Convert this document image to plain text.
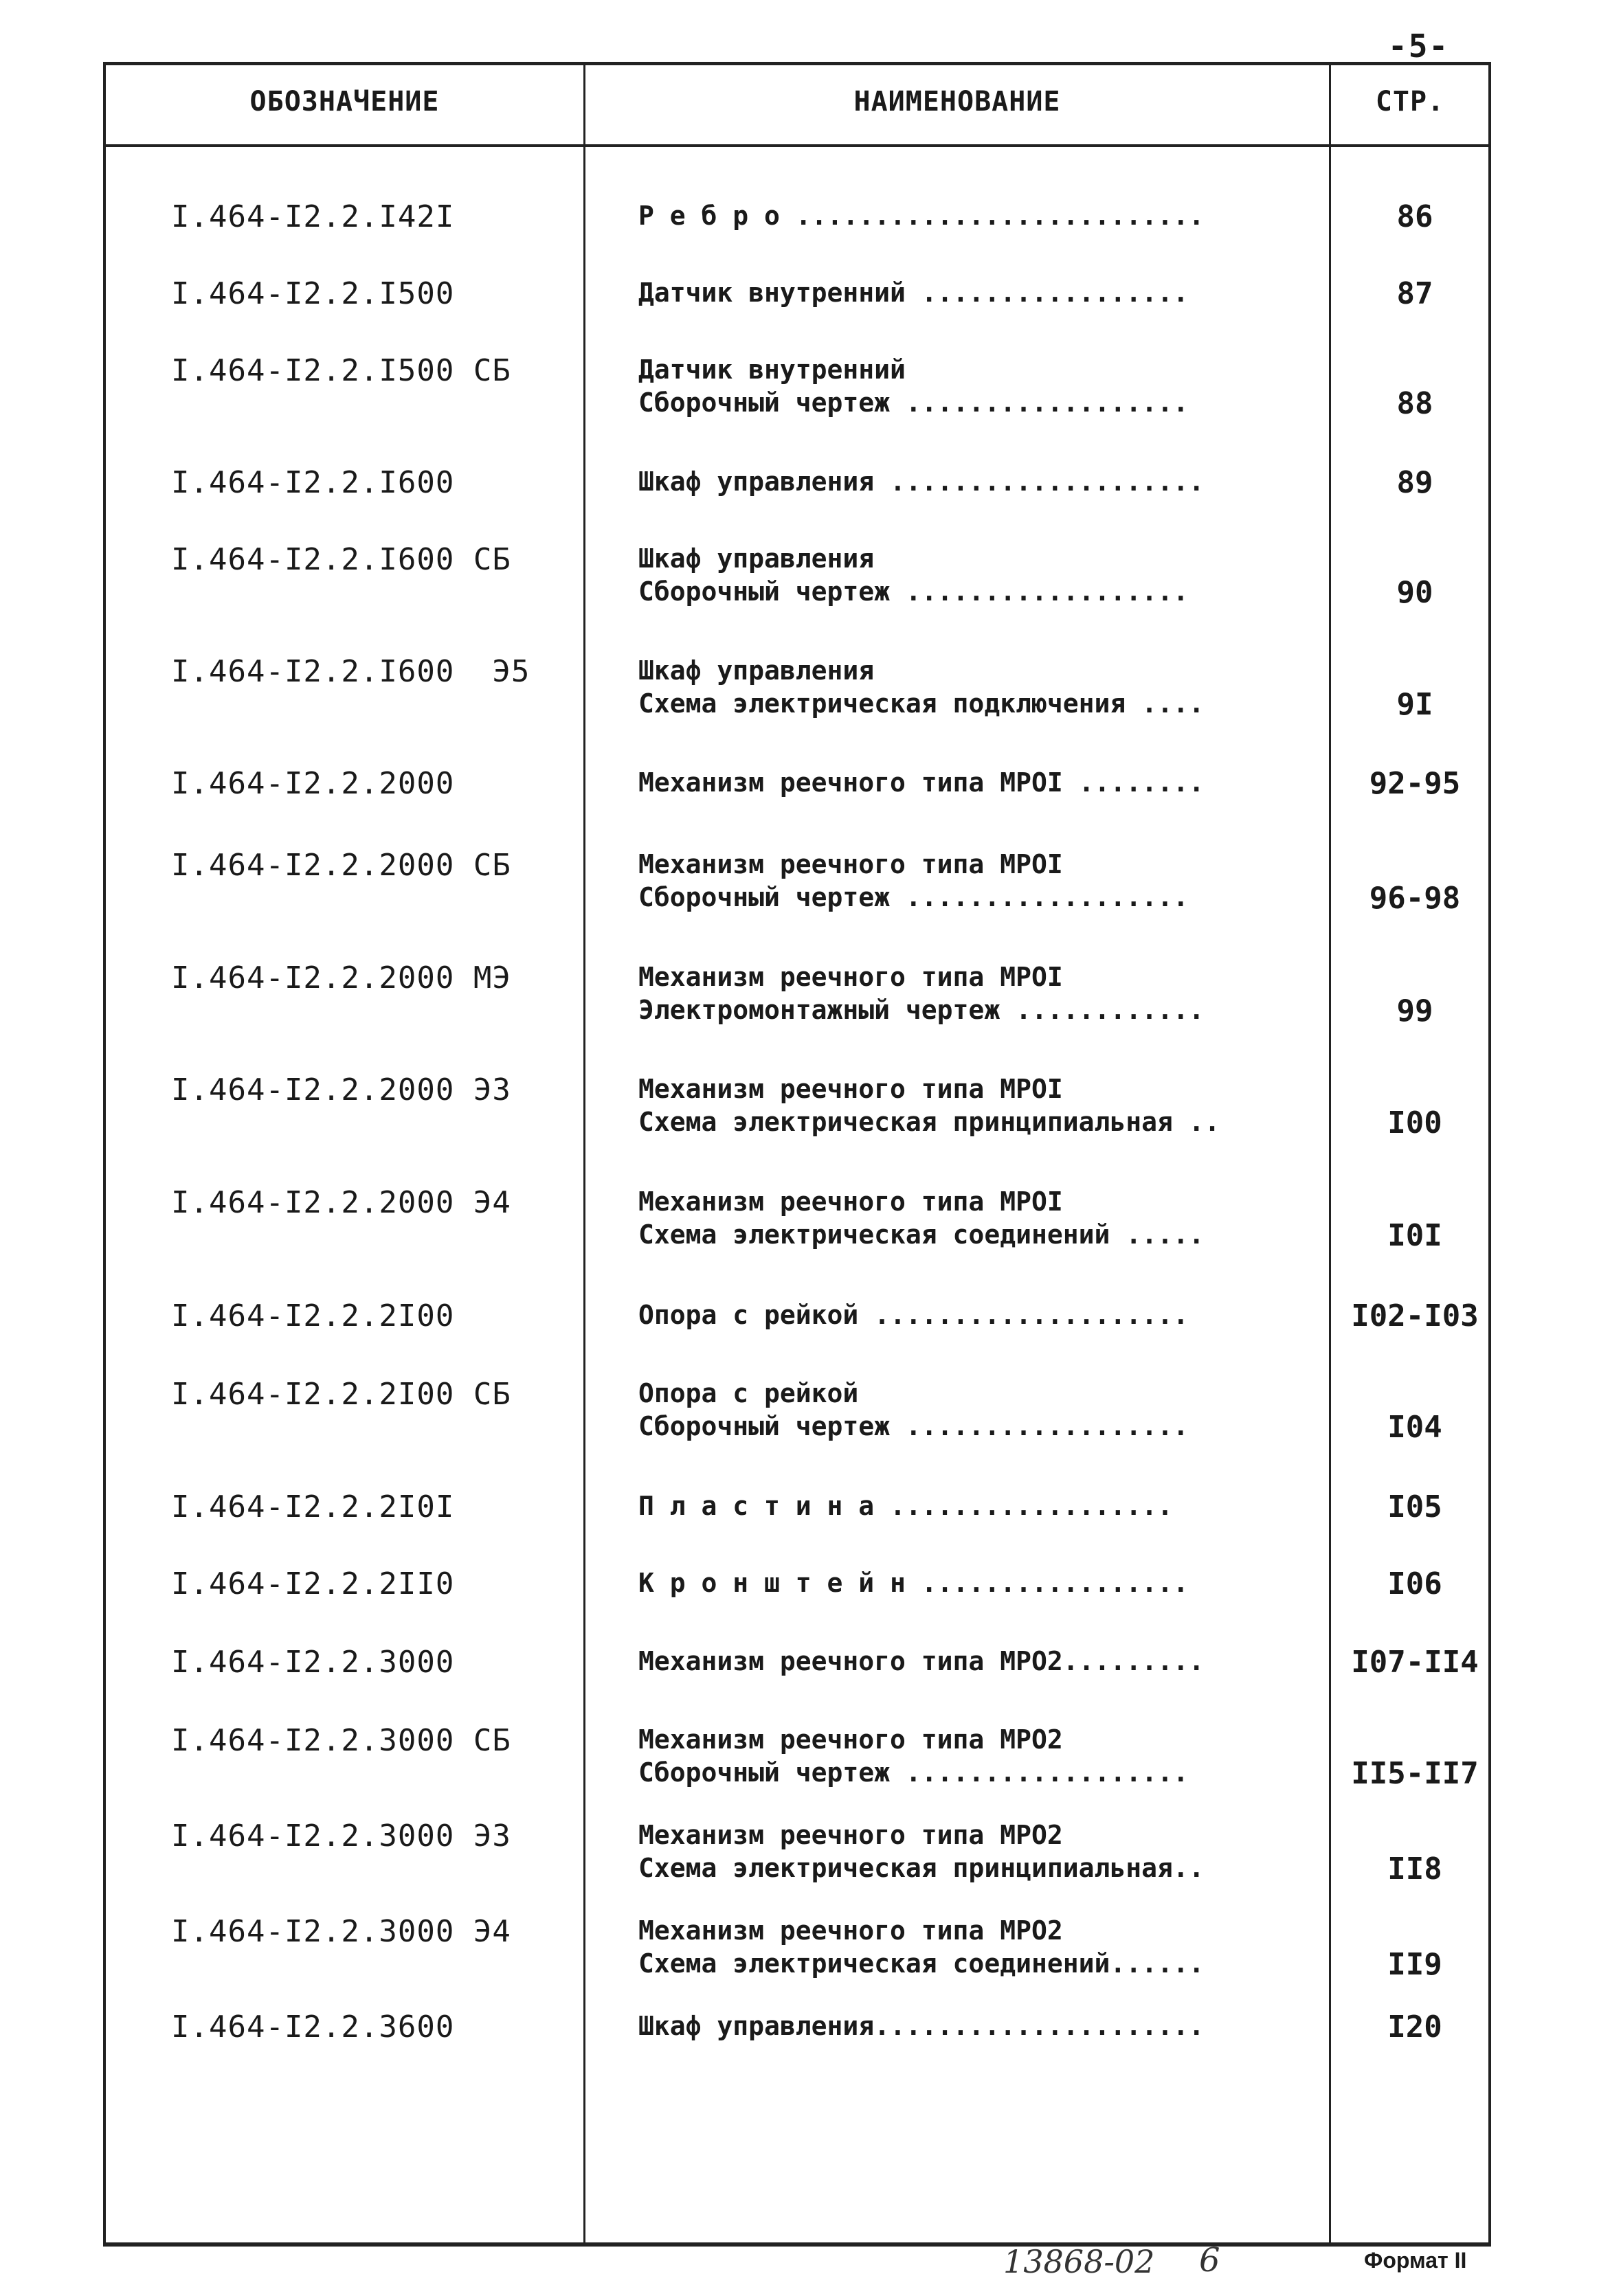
-5-
ОБОЗНАЧЕНИЕ	НАИМЕНОВАНИЕ	СТР.
I.464-I2.2.I42I	Р е б р о ..........................	86
I.464-I2.2.I500	Датчик внутренний .................	87
I.464-I2.2.I500 СБ	Датчик внутренний
Сборочный чертеж ..................	88
I.464-I2.2.I600	Шкаф управления ....................	89
I.464-I2.2.I600 СБ	Шкаф управления
Сборочный чертеж ..................	90
I.464-I2.2.I600  Э5	Шкаф управления
Схема электрическая подключения ....	9I
I.464-I2.2.2000	Механизм реечного типа МРОI ........	92-95
I.464-I2.2.2000 СБ	Механизм реечного типа МРОI
Сборочный чертеж ..................	96-98
I.464-I2.2.2000 МЭ	Механизм реечного типа МРОI
Электромонтажный чертеж ............	99
I.464-I2.2.2000 Э3	Механизм реечного типа МРОI
Схема электрическая принципиальная ..	I00
I.464-I2.2.2000 Э4	Механизм реечного типа МРОI
Схема электрическая соединений .....	I0I
I.464-I2.2.2I00	Опора с рейкой ....................	I02-I03
I.464-I2.2.2I00 СБ	Опора с рейкой
Сборочный чертеж ..................	I04
I.464-I2.2.2I0I	П л а с т и н а ..................	I05
I.464-I2.2.2II0	К р о н ш т е й н .................	I06
I.464-I2.2.3000	Механизм реечного типа МРО2.........	I07-II4
I.464-I2.2.3000 СБ	Механизм реечного типа МРО2
Сборочный чертеж ..................	II5-II7
I.464-I2.2.3000 Э3	Механизм реечного типа МРО2
Схема электрическая принципиальная..	II8
I.464-I2.2.3000 Э4	Механизм реечного типа МРО2
Схема электрическая соединений......	II9
I.464-I2.2.3600	Шкаф управления.....................	I20
13868-02 6	Формат II
